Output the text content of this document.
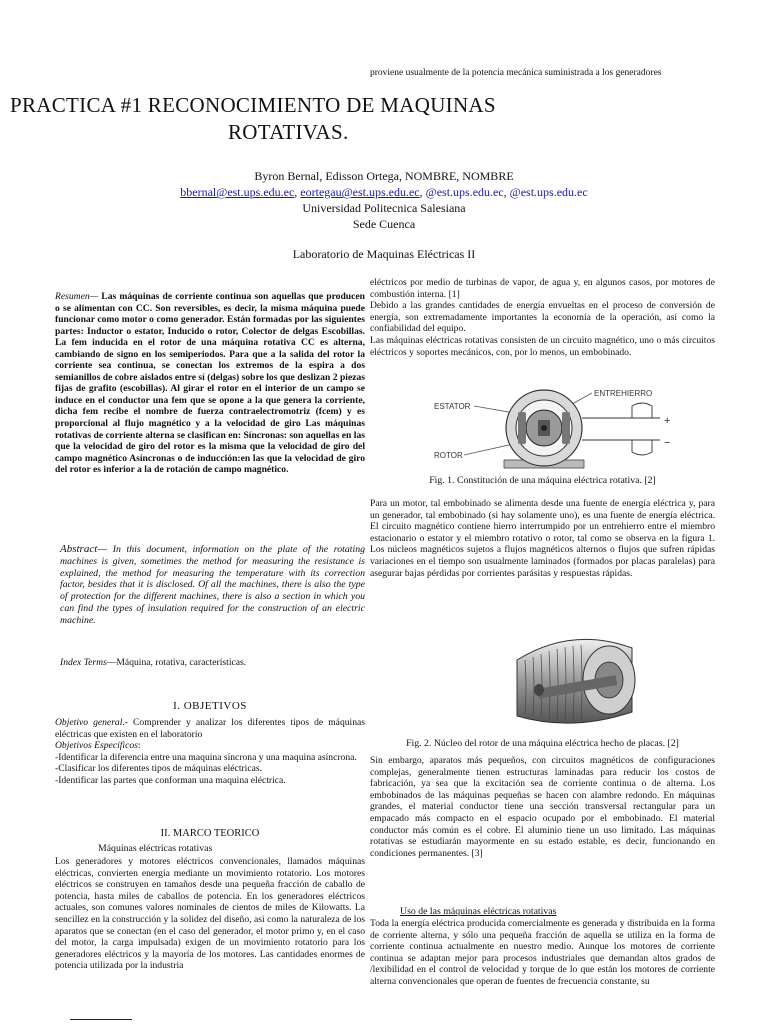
proviene usualmente de la potencia mecánica suministrada a los generadores
PRACTICA #1 RECONOCIMIENTO DE MAQUINAS
ROTATIVAS.
Byron Bernal, Edisson Ortega, NOMBRE, NOMBRE
bbernal@est.ups.edu.ec, eortegau@est.ups.edu.ec, @est.ups.edu.ec, @est.ups.edu.ec
Universidad Politecnica Salesiana
Sede Cuenca
Laboratorio de Maquinas Eléctricas II

Resumen— Las máquinas de corriente continua son aquellas que producen o se alimentan con CC. Son reversibles, es decir, la misma máquina puede funcionar como motor o como generador. Están formadas por las siguientes partes: Inductor o estator, Inducido o rotor, Colector de delgas Escobillas. La fem inducida en el rotor de una máquina rotativa CC es alterna, cambiando de signo en los semiperiodos. Para que a la salida del rotor la corriente sea continua, se conectan los extremos de la espira a dos semianillos de cobre aislados entre sí (delgas) sobre los que deslizan 2 piezas fijas de grafito (escobillas). Al girar el rotor en el interior de un campo se induce en el conductor una fem que se opone a la que genera la corriente, dicha fem recibe el nombre de fuerza contraelectromotriz (fcem) y es proporcional al flujo magnético y a la velocidad de giro Las máquinas rotativas de corriente alterna se clasifican en: Síncronas: son aquellas en las que la velocidad de giro del rotor es la misma que la velocidad de giro del campo magnético Asíncronas o de inducción:en las que la velocidad de giro del rotor es inferior a la de rotación de campo magnético.

Abstract— In this document, information on the plate of the rotating machines is given, sometimes the method for measuring the resistance is explained, the method for measuring the temperature with its correction factor, besides that it is disclosed. Of all the machines, there is also the type of protection for the different machines, there is also a section in which you can find the types of insulation required for the construction of an electric machine.

Index Terms—Máquina, rotativa, características.

I. OBJETIVOS

Objetivo general.- Comprender y analizar los diferentes tipos de máquinas eléctricas que existen en el laboratorio

Objetivos Específicos:

-Identificar la diferencia entre una maquina síncrona y una maquina asíncrona.

-Clasificar los diferentes tipos de máquinas eléctricas.

-Identificar las partes que conforman una maquina eléctrica.

II. MARCO TEORICO
Máquinas eléctricas rotativas

Los generadores y motores eléctricos convencionales, llamados máquinas eléctricas, convierten energía mediante un movimiento rotatorio. Los motores eléctricos se construyen en tamaños desde una pequeña fracción de caballo de potencia, hasta miles de caballos de potencia. En los generadores eléctricos actuales, son comunes valores nominales de cientos de miles de Kilowatts. La sencillez en la construcción y la solidez del diseño, así como la naturaleza de los aparatos que se conectan (en el caso del generador, el motor primo y, en el caso del motor, la carga impulsada) exigen de un movimiento rotatorio para los generadores eléctricos y la mayoría de los motores. Las cantidades enormes de potencia utilizada por la industria

eléctricos por medio de turbinas de vapor, de agua y, en algunos casos, por motores de combustión interna. [1]

Debido a las grandes cantidades de energía envueltas en el proceso de conversión de energía, son extremadamente importantes la economía de la operación, así como la confiabilidad del equipo.

Las máquinas eléctricas rotativas consisten de un circuito magnético, uno o más circuitos eléctricos y soportes mecánicos, con, por lo menos, un embobinado.

ESTATOR
ROTOR
ENTREHIERRO
+
−
Fig. 1. Constitución de una máquina eléctrica rotativa. [2]

Para un motor, tal embobinado se alimenta desde una fuente de energía eléctrica y, para un generador, tal embobinado (si hay solamente uno), es una fuente de energía eléctrica. El circuito magnético contiene hierro interrumpido por un entrehierro entre el miembro estacionario o estator y el miembro rotativo o rotor, tal como se observa en la figura 1. Los núcleos magnéticos sujetos a flujos magnéticos alternos o flujos que sufren rápidas variaciones en el tiempo son usualmente laminados (formados por placas paralelas) para asegurar bajas pérdidas por corrientes parásitas y respuestas rápidas.

Fig. 2. Núcleo del rotor de una máquina eléctrica hecho de placas. [2]

Sin embargo, aparatos más pequeños, con circuitos magnéticos de configuraciones complejas, generalmente tienen estructuras laminadas para reducir los costos de fabricación, ya sea que la excitación sea de corriente continua o de alterna. Los embobinados de las máquinas pequeñas se hacen con alambre redondo. En máquinas grandes, el material conductor tiene una sección transversal rectangular para un empacado más compacto en el espacio ocupado por el embobinado. El material conductor más común es el cobre. El aluminio tiene un uso limitado. Las máquinas rotativas se estudiarán mayormente en su estado estable, es decir, funcionando en condiciones permanentes. [3]

Uso de las máquinas eléctricas rotativas

Toda la energía eléctrica producida comercialmente es generada y distribuida en la forma de corriente alterna, y sólo una pequeña fracción de aquella se utiliza en la forma de corriente continua actualmente en nuestro medio. Aunque los motores de corriente continua se adaptan mejor para procesos industriales que demandan altos grados de /lexibilidad en el control de velocidad y torque de lo que están los motores de corriente alterna convencionales que operan de fuentes de frecuencia constante, su
